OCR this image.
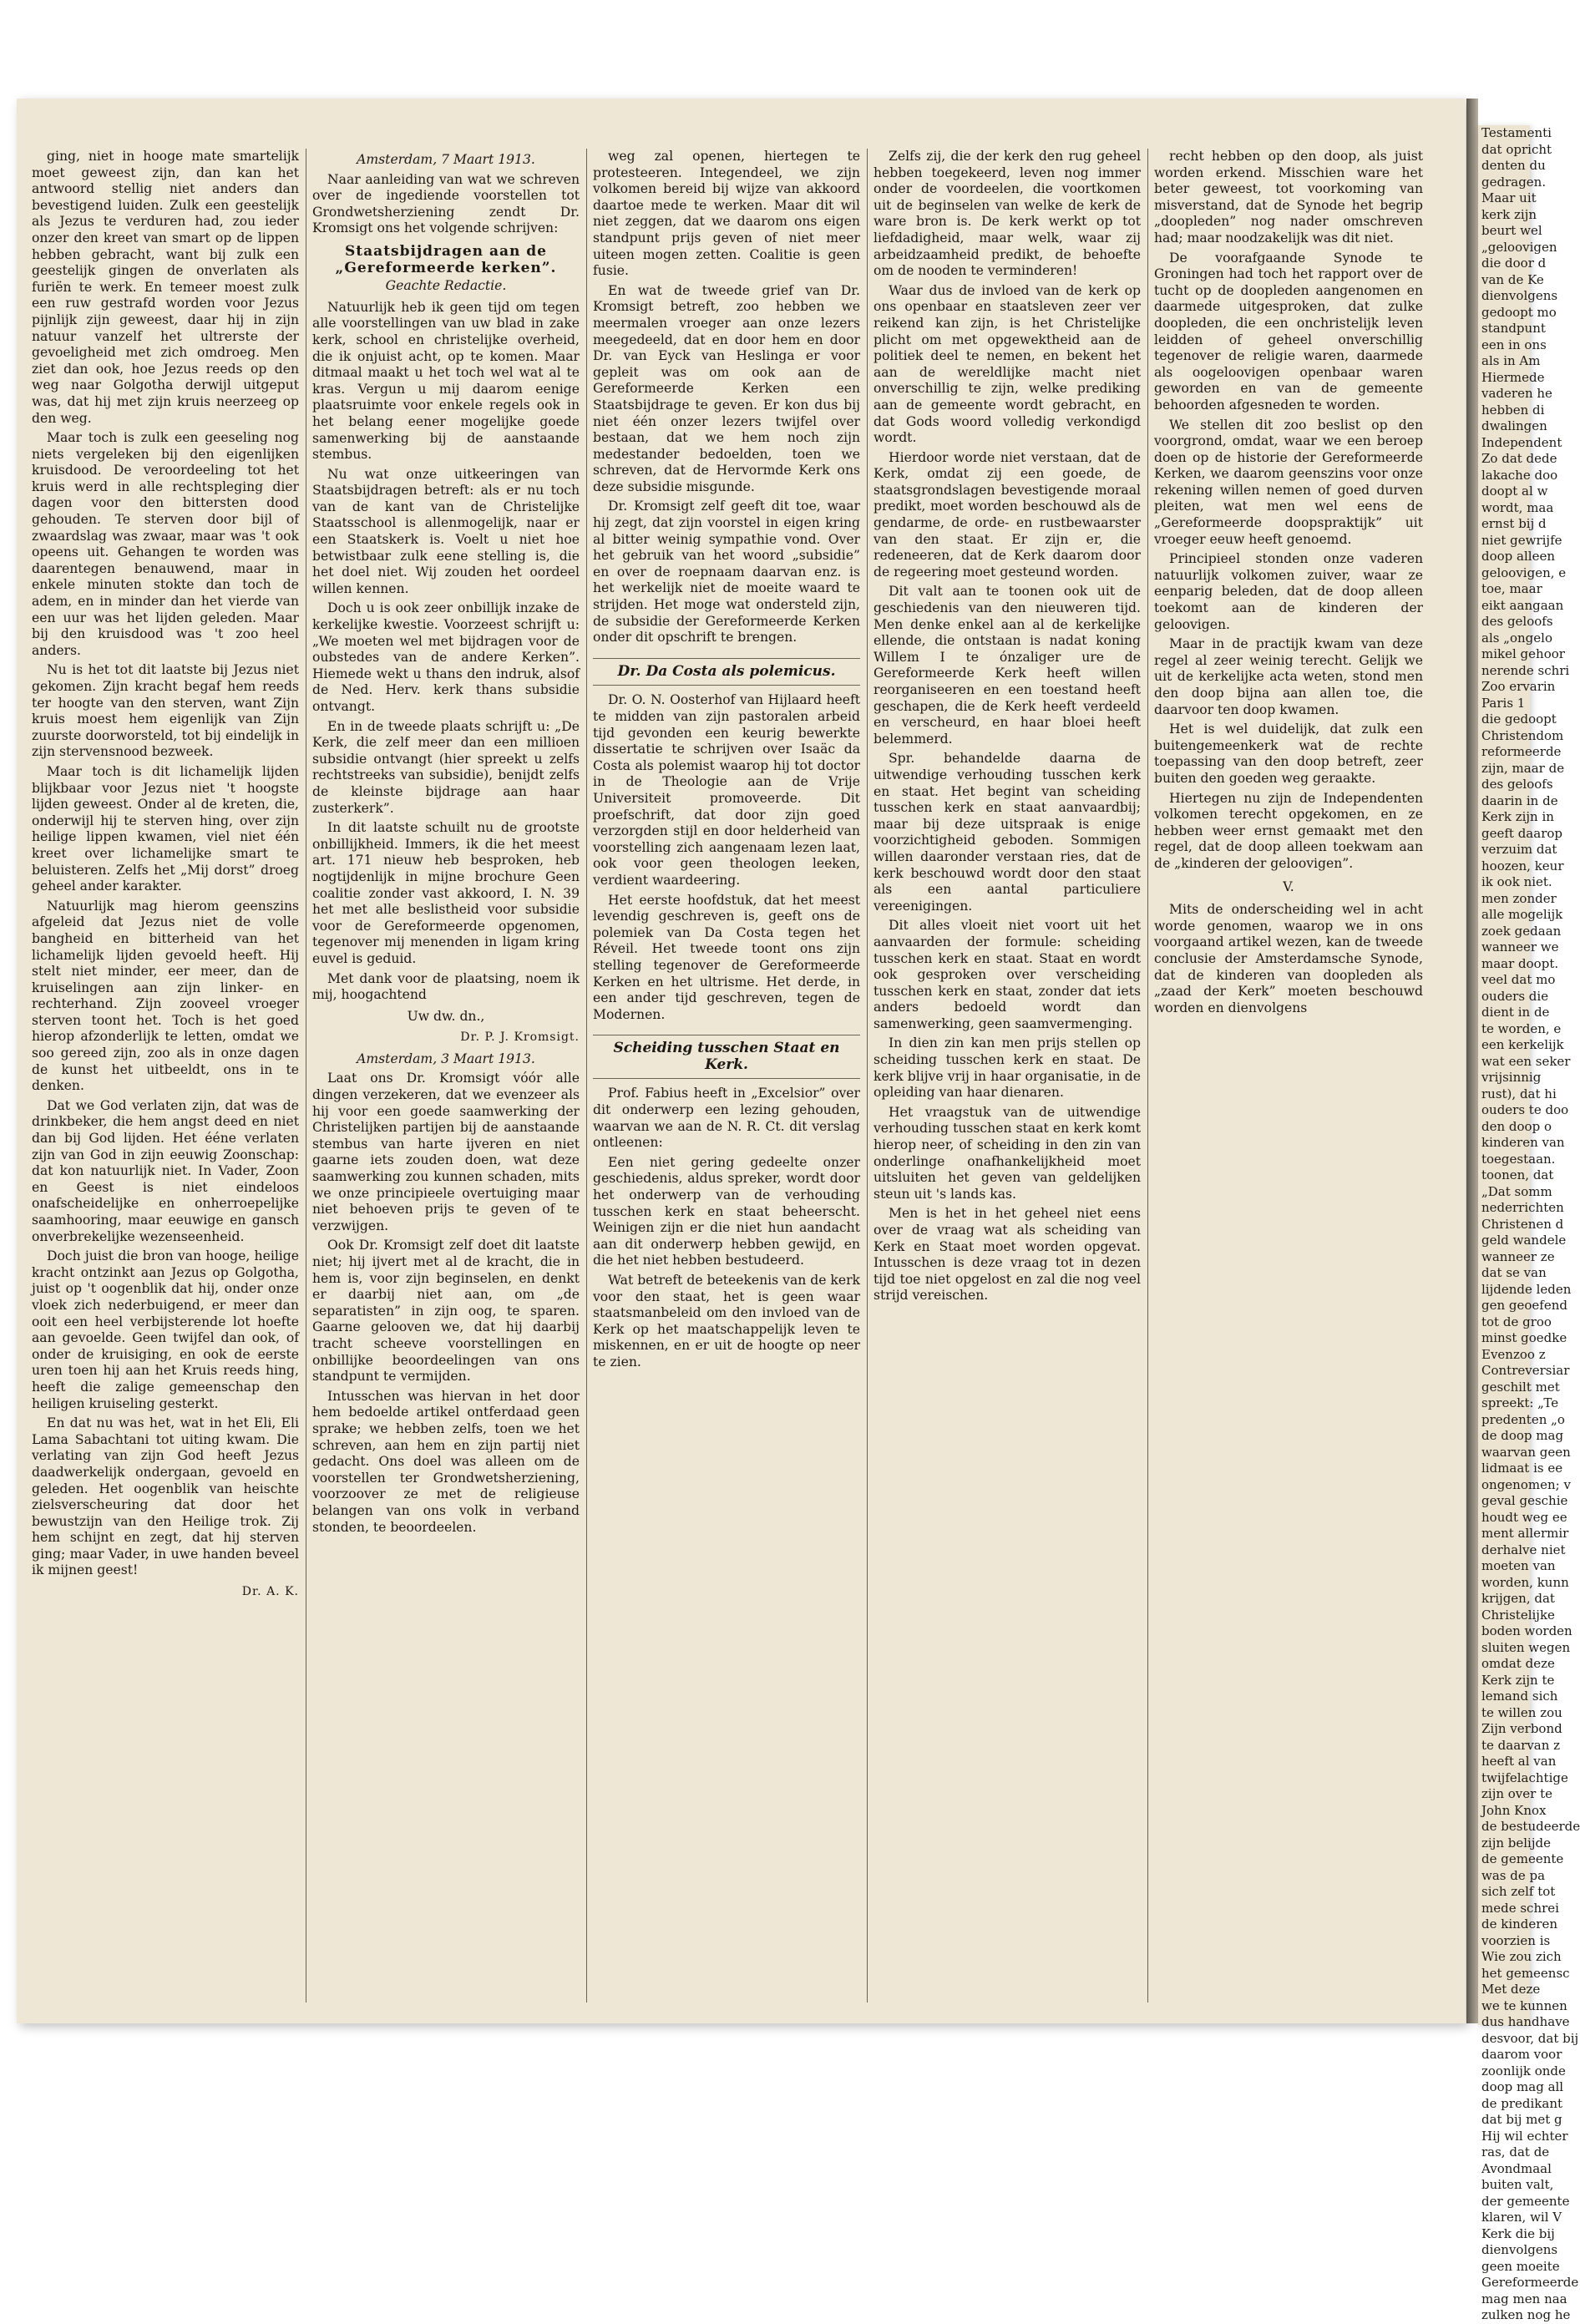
ging, niet in hooge mate smartelijk moet geweest zijn, dan kan het antwoord stellig niet anders dan bevestigend luiden. Zulk een geestelijk als Jezus te verduren had, zou ieder onzer den kreet van smart op de lippen hebben gebracht, want bij zulk een geestelijk gingen de onverlaten als furiën te werk. En temeer moest zulk een ruw gestrafd worden voor Jezus pijnlijk zijn geweest, daar hij in zijn natuur vanzelf het ultrerste der gevoeligheid met zich omdroeg. Men ziet dan ook, hoe Jezus reeds op den weg naar Golgotha derwijl uitgeput was, dat hij met zijn kruis neerzeeg op den weg.

Maar toch is zulk een geeseling nog niets vergeleken bij den eigenlijken kruisdood. De veroordeeling tot het kruis werd in alle rechtspleging dier dagen voor den bittersten dood gehouden. Te sterven door bijl of zwaardslag was zwaar, maar was 't ook opeens uit. Gehangen te worden was daarentegen benauwend, maar in enkele minuten stokte dan toch de adem, en in minder dan het vierde van een uur was het lijden geleden. Maar bij den kruisdood was 't zoo heel anders.

Nu is het tot dit laatste bij Jezus niet gekomen. Zijn kracht begaf hem reeds ter hoogte van den sterven, want Zijn kruis moest hem eigenlijk van Zijn zuurste doorworsteld, tot bij eindelijk in zijn stervensnood bezweek.

Maar toch is dit lichamelijk lijden blijkbaar voor Jezus niet 't hoogste lijden geweest. Onder al de kreten, die, onderwijl hij te sterven hing, over zijn heilige lippen kwamen, viel niet één kreet over lichamelijke smart te beluisteren. Zelfs het „Mij dorst” droeg geheel ander karakter.

Natuurlijk mag hierom geenszins afgeleid dat Jezus niet de volle bangheid en bitterheid van het lichamelijk lijden gevoeld heeft. Hij stelt niet minder, eer meer, dan de kruiselingen aan zijn linker- en rechterhand. Zijn zooveel vroeger sterven toont het. Toch is het goed hierop afzonderlijk te letten, omdat we soo gereed zijn, zoo als in onze dagen de kunst het uitbeeldt, ons in te denken.

Dat we God verlaten zijn, dat was de drinkbeker, die hem angst deed en niet dan bij God lijden. Het ééne verlaten zijn van God in zijn eeuwig Zoonschap: dat kon natuurlijk niet. In Vader, Zoon en Geest is niet eindeloos onafscheidelijke en onherroepelijke saamhooring, maar eeuwige en gansch onverbrekelijke wezenseenheid.

Doch juist die bron van hooge, heilige kracht ontzinkt aan Jezus op Golgotha, juist op 't oogenblik dat hij, onder onze vloek zich nederbuigend, er meer dan ooit een heel verbijsterende lot hoefte aan gevoelde. Geen twijfel dan ook, of onder de kruisiging, en ook de eerste uren toen hij aan het Kruis reeds hing, heeft die zalige gemeenschap den heiligen kruiseling gesterkt.

En dat nu was het, wat in het Eli, Eli Lama Sabachtani tot uiting kwam. Die verlating van zijn God heeft Jezus daadwerkelijk ondergaan, gevoeld en geleden. Het oogenblik van heischte zielsverscheuring dat door het bewustzijn van den Heilige trok. Zij hem schijnt en zegt, dat hij sterven ging; maar Vader, in uwe handen beveel ik mijnen geest!

Dr. A. K.

Amsterdam, 7 Maart 1913.

Naar aanleiding van wat we schreven over de ingediende voorstellen tot Grondwetsherziening zendt Dr. Kromsigt ons het volgende schrijven:

Staatsbijdragen aan de „Gereformeerde kerken”.

Geachte Redactie.

Natuurlijk heb ik geen tijd om tegen alle voorstellingen van uw blad in zake kerk, school en christelijke overheid, die ik onjuist acht, op te komen. Maar ditmaal maakt u het toch wel wat al te kras. Vergun u mij daarom eenige plaatsruimte voor enkele regels ook in het belang eener mogelijke goede samenwerking bij de aanstaande stembus.

Nu wat onze uitkeeringen van Staatsbijdragen betreft: als er nu toch van de kant van de Christelijke Staatsschool is allenmogelijk, naar er een Staatskerk is. Voelt u niet hoe betwistbaar zulk eene stelling is, die het doel niet. Wij zouden het oordeel willen kennen.

Doch u is ook zeer onbillijk inzake de kerkelijke kwestie. Voorzeest schrijft u: „We moeten wel met bijdragen voor de oubstedes van de andere Kerken”. Hiemede wekt u thans den indruk, alsof de Ned. Herv. kerk thans subsidie ontvangt.

En in de tweede plaats schrijft u: „De Kerk, die zelf meer dan een millioen subsidie ontvangt (hier spreekt u zelfs rechtstreeks van subsidie), benijdt zelfs de kleinste bijdrage aan haar zusterkerk”.

In dit laatste schuilt nu de grootste onbillijkheid. Immers, ik die het meest art. 171 nieuw heb besproken, heb nogtijdenlijk in mijne brochure Geen coalitie zonder vast akkoord, I. N. 39 het met alle beslistheid voor subsidie voor de Gereformeerde opgenomen, tegenover mij menenden in ligam kring euvel is geduid.

Met dank voor de plaatsing, noem ik mij, hoogachtend

Uw dw. dn.,

Dr. P. J. Kromsigt.

Amsterdam, 3 Maart 1913.

Laat ons Dr. Kromsigt vóór alle dingen verzekeren, dat we evenzeer als hij voor een goede saamwerking der Christelijken partijen bij de aanstaande stembus van harte ijveren en niet gaarne iets zouden doen, wat deze saamwerking zou kunnen schaden, mits we onze principieele overtuiging maar niet behoeven prijs te geven of te verzwijgen.

Ook Dr. Kromsigt zelf doet dit laatste niet; hij ijvert met al de kracht, die in hem is, voor zijn beginselen, en denkt er daarbij niet aan, om „de separatisten” in zijn oog, te sparen. Gaarne gelooven we, dat hij daarbij tracht scheeve voorstellingen en onbillijke beoordeelingen van ons standpunt te vermijden.

Intusschen was hiervan in het door hem bedoelde artikel ontferdaad geen sprake; we hebben zelfs, toen we het schreven, aan hem en zijn partij niet gedacht. Ons doel was alleen om de voorstellen ter Grondwetsherziening, voorzoover ze met de religieuse belangen van ons volk in verband stonden, te beoordeelen.

weg zal openen, hiertegen te protesteeren. Integendeel, we zijn volkomen bereid bij wijze van akkoord daartoe mede te werken. Maar dit wil niet zeggen, dat we daarom ons eigen standpunt prijs geven of niet meer uiteen mogen zetten. Coalitie is geen fusie.

En wat de tweede grief van Dr. Kromsigt betreft, zoo hebben we meermalen vroeger aan onze lezers meegedeeld, dat en door hem en door Dr. van Eyck van Heslinga er voor gepleit was om ook aan de Gereformeerde Kerken een Staatsbijdrage te geven. Er kon dus bij niet één onzer lezers twijfel over bestaan, dat we hem noch zijn medestander bedoelden, toen we schreven, dat de Hervormde Kerk ons deze subsidie misgunde.

Dr. Kromsigt zelf geeft dit toe, waar hij zegt, dat zijn voorstel in eigen kring al bitter weinig sympathie vond. Over het gebruik van het woord „subsidie” en over de roepnaam daarvan enz. is het werkelijk niet de moeite waard te strijden. Het moge wat ondersteld zijn, de subsidie der Gereformeerde Kerken onder dit opschrift te brengen.

Dr. Da Costa als polemicus.

Dr. O. N. Oosterhof van Hijlaard heeft te midden van zijn pastoralen arbeid tijd gevonden een keurig bewerkte dissertatie te schrijven over Isaäc da Costa als polemist waarop hij tot doctor in de Theologie aan de Vrije Universiteit promoveerde. Dit proefschrift, dat door zijn goed verzorgden stijl en door helderheid van voorstelling zich aangenaam lezen laat, ook voor geen theologen leeken, verdient waardeering.

Het eerste hoofdstuk, dat het meest levendig geschreven is, geeft ons de polemiek van Da Costa tegen het Réveil. Het tweede toont ons zijn stelling tegenover de Gereformeerde Kerken en het ultrisme. Het derde, in een ander tijd geschreven, tegen de Modernen.

Scheiding tusschen Staat en Kerk.

Prof. Fabius heeft in „Excelsior” over dit onderwerp een lezing gehouden, waarvan we aan de N. R. Ct. dit verslag ontleenen:

Een niet gering gedeelte onzer geschiedenis, aldus spreker, wordt door het onderwerp van de verhouding tusschen kerk en staat beheerscht. Weinigen zijn er die niet hun aandacht aan dit onderwerp hebben gewijd, en die het niet hebben bestudeerd.

Wat betreft de beteekenis van de kerk voor den staat, het is geen waar staatsmanbeleid om den invloed van de Kerk op het maatschappelijk leven te miskennen, en er uit de hoogte op neer te zien.

Zelfs zij, die der kerk den rug geheel hebben toegekeerd, leven nog immer onder de voordeelen, die voortkomen uit de beginselen van welke de kerk de ware bron is. De kerk werkt op tot liefdadigheid, maar welk, waar zij arbeidzaamheid predikt, de behoefte om de nooden te verminderen!

Waar dus de invloed van de kerk op ons openbaar en staatsleven zeer ver reikend kan zijn, is het Christelijke plicht om met opgewektheid aan de politiek deel te nemen, en bekent het aan de wereldlijke macht niet onverschillig te zijn, welke prediking aan de gemeente wordt gebracht, en dat Gods woord volledig verkondigd wordt.

Hierdoor worde niet verstaan, dat de Kerk, omdat zij een goede, de staatsgrondslagen bevestigende moraal predikt, moet worden beschouwd als de gendarme, de orde- en rustbewaarster van den staat. Er zijn er, die redeneeren, dat de Kerk daarom door de regeering moet gesteund worden.

Dit valt aan te toonen ook uit de geschiedenis van den nieuweren tijd. Men denke enkel aan al de kerkelijke ellende, die ontstaan is nadat koning Willem I te ónzaliger ure de Gereformeerde Kerk heeft willen reorganiseeren en een toestand heeft geschapen, die de Kerk heeft verdeeld en verscheurd, en haar bloei heeft belemmerd.

Spr. behandelde daarna de uitwendige verhouding tusschen kerk en staat. Het begint van scheiding tusschen kerk en staat aanvaardbij; maar bij deze uitspraak is enige voorzichtigheid geboden. Sommigen willen daaronder verstaan ries, dat de kerk beschouwd wordt door den staat als een aantal particuliere vereenigingen.

Dit alles vloeit niet voort uit het aanvaarden der formule: scheiding tusschen kerk en staat. Staat en wordt ook gesproken over verscheiding tusschen kerk en staat, zonder dat iets anders bedoeld wordt dan samenwerking, geen saamvermenging.

In dien zin kan men prijs stellen op scheiding tusschen kerk en staat. De kerk blijve vrij in haar organisatie, in de opleiding van haar dienaren.

Het vraagstuk van de uitwendige verhouding tusschen staat en kerk komt hierop neer, of scheiding in den zin van onderlinge onafhankelijkheid moet uitsluiten het geven van geldelijken steun uit 's lands kas.

Men is het in het geheel niet eens over de vraag wat als scheiding van Kerk en Staat moet worden opgevat. Intusschen is deze vraag tot in dezen tijd toe niet opgelost en zal die nog veel strijd vereischen.

recht hebben op den doop, als juist worden erkend. Misschien ware het beter geweest, tot voorkoming van misverstand, dat de Synode het begrip „doopleden” nog nader omschreven had; maar noodzakelijk was dit niet.

De voorafgaande Synode te Groningen had toch het rapport over de tucht op de doopleden aangenomen en daarmede uitgesproken, dat zulke doopleden, die een onchristelijk leven leidden of geheel onverschillig tegenover de religie waren, daarmede als oogeloovigen openbaar waren geworden en van de gemeente behoorden afgesneden te worden.

We stellen dit zoo beslist op den voorgrond, omdat, waar we een beroep doen op de historie der Gereformeerde Kerken, we daarom geenszins voor onze rekening willen nemen of goed durven pleiten, wat men wel eens de „Gereformeerde doopspraktijk” uit vroeger eeuw heeft genoemd.

Principieel stonden onze vaderen natuurlijk volkomen zuiver, waar ze eenparig beleden, dat de doop alleen toekomt aan de kinderen der geloovigen.

Maar in de practijk kwam van deze regel al zeer weinig terecht. Gelijk we uit de kerkelijke acta weten, stond men den doop bijna aan allen toe, die daarvoor ten doop kwamen.

Het is wel duidelijk, dat zulk een buitengemeenkerk wat de rechte toepassing van den doop betreft, zeer buiten den goeden weg geraakte.

Hiertegen nu zijn de Independenten volkomen terecht opgekomen, en ze hebben weer ernst gemaakt met den regel, dat de doop alleen toekwam aan de „kinderen der geloovigen”.

V.

Mits de onderscheiding wel in acht worde genomen, waarop we in ons voorgaand artikel wezen, kan de tweede conclusie der Amsterdamsche Synode, dat de kinderen van doopleden als „zaad der Kerk” moeten beschouwd worden en dienvolgens

Testamenti
dat opricht
denten du
gedragen.
Maar uit
kerk zijn
beurt wel
„geloovigen
die door d
van de Ke
dienvolgens
gedoopt mo
standpunt
een in ons
als in Am
Hiermede
vaderen he
hebben di
dwalingen
Independent
Zo dat dede
lakache doo
doopt al w
wordt, maa
ernst bij d
niet gewrijfe
doop alleen
geloovigen, e
toe, maar
eikt aangaan
des geloofs
als „ongelo
mikel gehoor
nerende schri
Zoo ervarin
Paris 1
die gedoopt
Christendom
reformeerde
zijn, maar de
des geloofs
daarin in de
Kerk zijn in
geeft daarop
verzuim dat
hoozen, keur
ik ook niet.
men zonder
alle mogelijk
zoek gedaan
wanneer we
maar doopt.
veel dat mo
ouders die
dient in de
te worden, e
een kerkelijk
wat een seker
vrijsinnig
rust), dat hi
ouders te doo
den doop o
kinderen van
toegestaan.
toonen, dat
„Dat somm
nederrichten
Christenen d
geld wandele
wanneer ze
dat se van
lijdende leden
gen geoefend
tot de groo
minst goedke
Evenzoo z
Contreversiar
geschilt met
spreekt: „Te
predenten „o
de doop mag
waarvan geen
lidmaat is ee
ongenomen; v
geval geschie
houdt weg ee
ment allermir
derhalve niet
moeten van
worden, kunn
krijgen, dat
Christelijke
boden worden
sluiten wegen
omdat deze
Kerk zijn te
lemand sich
te willen zou
Zijn verbond
te daarvan z
heeft al van
twijfelachtige
zijn over te
John Knox
de bestudeerde
zijn belijde
de gemeente
was de pa
sich zelf tot
mede schrei
de kinderen
voorzien is
Wie zou zich
het gemeensc
Met deze
we te kunnen
dus handhave
desvoor, dat bij
daarom voor
zoonlijk onde
doop mag all
de predikant
dat bij met g
Hij wil echter
ras, dat de
Avondmaal
buiten valt,
der gemeente
klaren, wil V
Kerk die bij
dienvolgens
geen moeite
Gereformeerde
mag men naa
zulken nog he
